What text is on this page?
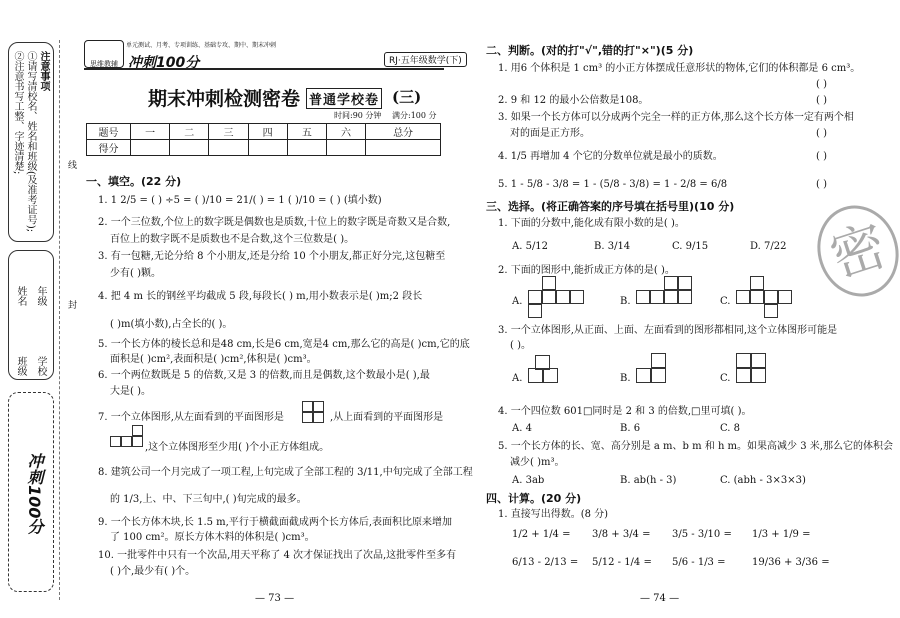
注意事项
①请写清校名、姓名和班级(及准考证号);
②注意书写工整、字迹清楚;
学校
班级
年级
姓名
冲刺100分
线
封
思维教辅
单元测试、月考、专项训练、基础专攻、期中、期末冲刺
冲刺100分	RJ·五年级数学(下)
期末冲刺检测密卷 普通学校卷 (三)
时间:90 分钟 满分:100 分
题号	一	二	三	四	五	六	总分
得分							
一、填空。(22 分)
1. 1 2/5 = ( ) ÷5 = ( )/10 = 21/( ) = 1 ( )/10 = ( ) (填小数)
2. 一个三位数,个位上的数字既是偶数也是质数,十位上的数字既是奇数又是合数,
百位上的数字既不是质数也不是合数,这个三位数是( )。
3. 有一包糖,无论分给 8 个小朋友,还是分给 10 个小朋友,都正好分完,这包糖至
少有( )颗。
4. 把 4 m 长的钢丝平均截成 5 段,每段长( ) m,用小数表示是( )m;2 段长
( )m(填小数),占全长的( )。
5. 一个长方体的棱长总和是48 cm,长是6 cm,宽是4 cm,那么它的高是( )cm,它的底
面积是( )cm²,表面积是( )cm²,体积是( )cm³。
6. 一个两位数既是 5 的倍数,又是 3 的倍数,而且是偶数,这个数最小是( ),最
大是( )。
7. 一个立体图形,从左面看到的平面图形是	,从上面看到的平面图形是
,这个立体图形至少用( )个小正方体组成。
8. 建筑公司一个月完成了一项工程,上旬完成了全部工程的 3/11,中旬完成了全部工程
的 1/3,上、中、下三旬中,( )旬完成的最多。
9. 一个长方体木块,长 1.5 m,平行于横截面截成两个长方体后,表面积比原来增加
了 100 cm²。原长方体木料的体积是( )cm³。
10. 一批零件中只有一个次品,用天平称了 4 次才保证找出了次品,这批零件至多有
( )个,最少有( )个。
— 73 —
二、判断。(对的打"√",错的打"×")(5 分)
1. 用6 个体积是 1 cm³ 的小正方体摆成任意形状的物体,它们的体积都是 6 cm³。
( )
2. 9 和 12 的最小公倍数是108。	( )
3. 如果一个长方体可以分成两个完全一样的正方体,那么这个长方体一定有两个相
对的面是正方形。	( )
4. 1/5 再增加 4 个它的分数单位就是最小的质数。	( )
5. 1 - 5/8 - 3/8 = 1 - (5/8 - 3/8) = 1 - 2/8 = 6/8	( )
三、选择。(将正确答案的序号填在括号里)(10 分)
1. 下面的分数中,能化成有限小数的是( )。
A. 5/12	B. 3/14	C. 9/15	D. 7/22
2. 下面的图形中,能折成正方体的是( )。
A.	B.	C.
3. 一个立体图形,从正面、上面、左面看到的图形都相同,这个立体图形可能是
( )。
A.	B.	C.
4. 一个四位数 601□同时是 2 和 3 的倍数,□里可填( )。
A. 4	B. 6	C. 8
5. 一个长方体的长、宽、高分别是 a m、b m 和 h m。如果高减少 3 米,那么它的体积会
减少( )m³。
A. 3ab	B. ab(h - 3)	C. (abh - 3×3×3)
四、计算。(20 分)
1. 直接写出得数。(8 分)
1/2 + 1/4 = 3/8 + 3/4 = 3/5 - 3/10 = 1/3 + 1/9 =
6/13 - 2/13 = 5/12 - 1/4 = 5/6 - 1/3 =	19/36 + 3/36 =
— 74 —
密
